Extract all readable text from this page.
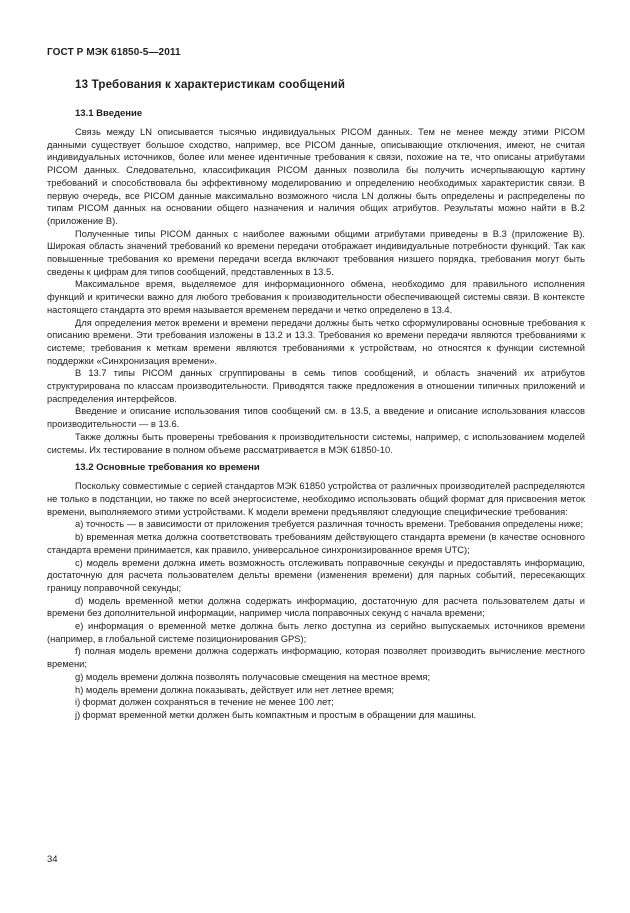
ГОСТ Р МЭК 61850-5—2011
13 Требования к характеристикам сообщений
13.1 Введение

Связь между LN описывается тысячью индивидуальных PICOM данных. Тем не менее между этими PICOM данными существует большое сходство, например, все PICOM данные, описывающие отключения, имеют, не считая индивидуальных источников, более или менее идентичные требования к связи, похожие на те, что описаны атрибутами PICOM данных. Следовательно, классификация PICOM данных позволила бы получить исчерпывающую картину требований и способствовала бы эффективному моделированию и определению необходимых характеристик связи. В первую очередь, все PICOM данные максимально возможного числа LN должны быть определены и распределены по типам PICOM данных на основании общего назначения и наличия общих атрибутов. Результаты можно найти в В.2 (приложение В).

Полученные типы PICOM данных с наиболее важными общими атрибутами приведены в В.3 (приложение В). Широкая область значений требований ко времени передачи отображает индивидуальные потребности функций. Так как повышенные требования ко времени передачи всегда включают требования низшего порядка, требования могут быть сведены к цифрам для типов сообщений, представленных в 13.5.

Максимальное время, выделяемое для информационного обмена, необходимо для правильного исполнения функций и критически важно для любого требования к производительности обеспечивающей системы связи. В контексте настоящего стандарта это время называется временем передачи и четко определено в 13.4.

Для определения меток времени и времени передачи должны быть четко сформулированы основные требования к описанию времени. Эти требования изложены в 13.2 и 13.3. Требования ко времени передачи являются требованиями к системе; требования к меткам времени являются требованиями к устройствам, но относятся к функции системной поддержки «Синхронизация времени».

В 13.7 типы PICOM данных сгруппированы в семь типов сообщений, и область значений их атрибутов структурирована по классам производительности. Приводятся также предложения в отношении типичных приложений и распределения интерфейсов.

Введение и описание использования типов сообщений см. в 13.5, а введение и описание использования классов производительности — в 13.6.

Также должны быть проверены требования к производительности системы, например, с использованием моделей системы. Их тестирование в полном объеме рассматривается в МЭК 61850-10.

13.2 Основные требования ко времени

Поскольку совместимые с серией стандартов МЭК 61850 устройства от различных производителей распределяются не только в подстанции, но также по всей энергосистеме, необходимо использовать общий формат для присвоения меток времени, выполняемого этими устройствами. К модели времени предъявляют следующие специфические требования:

a) точность — в зависимости от приложения требуется различная точность времени. Требования определены ниже;

b) временная метка должна соответствовать требованиям действующего стандарта времени (в качестве основного стандарта времени принимается, как правило, универсальное синхронизированное время UTC);

c) модель времени должна иметь возможность отслеживать поправочные секунды и предоставлять информацию, достаточную для расчета пользователем дельты времени (изменения времени) для парных событий, пересекающих границу поправочной секунды;

d) модель временной метки должна содержать информацию, достаточную для расчета пользователем даты и времени без дополнительной информации, например числа поправочных секунд с начала времени;

e) информация о временной метке должна быть легко доступна из серийно выпускаемых источников времени (например, в глобальной системе позиционирования GPS);

f) полная модель времени должна содержать информацию, которая позволяет производить вычисление местного времени;

g) модель времени должна позволять получасовые смещения на местное время;

h) модель времени должна показывать, действует или нет летнее время;

i) формат должен сохраняться в течение не менее 100 лет;

j) формат временной метки должен быть компактным и простым в обращении для машины.

34
